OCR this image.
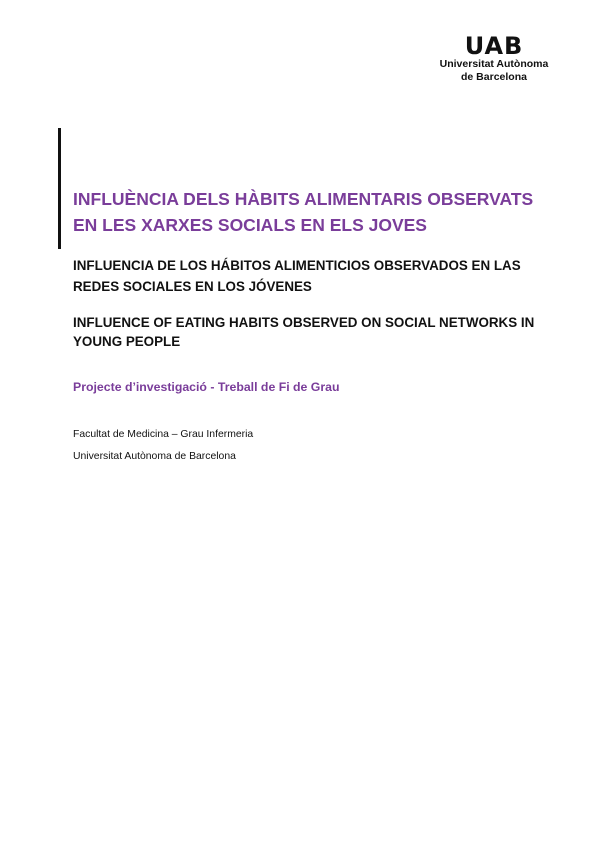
UAB
Universitat Autònoma
de Barcelona
INFLUÈNCIA DELS HÀBITS ALIMENTARIS OBSERVATS EN LES XARXES SOCIALS EN ELS JOVES
INFLUENCIA DE LOS HÁBITOS ALIMENTICIOS OBSERVADOS EN LAS REDES SOCIALES EN LOS JÓVENES
INFLUENCE OF EATING HABITS OBSERVED ON SOCIAL NETWORKS IN YOUNG PEOPLE

Projecte d’investigació - Treball de Fi de Grau

Facultat de Medicina – Grau Infermeria
Universitat Autònoma de Barcelona
